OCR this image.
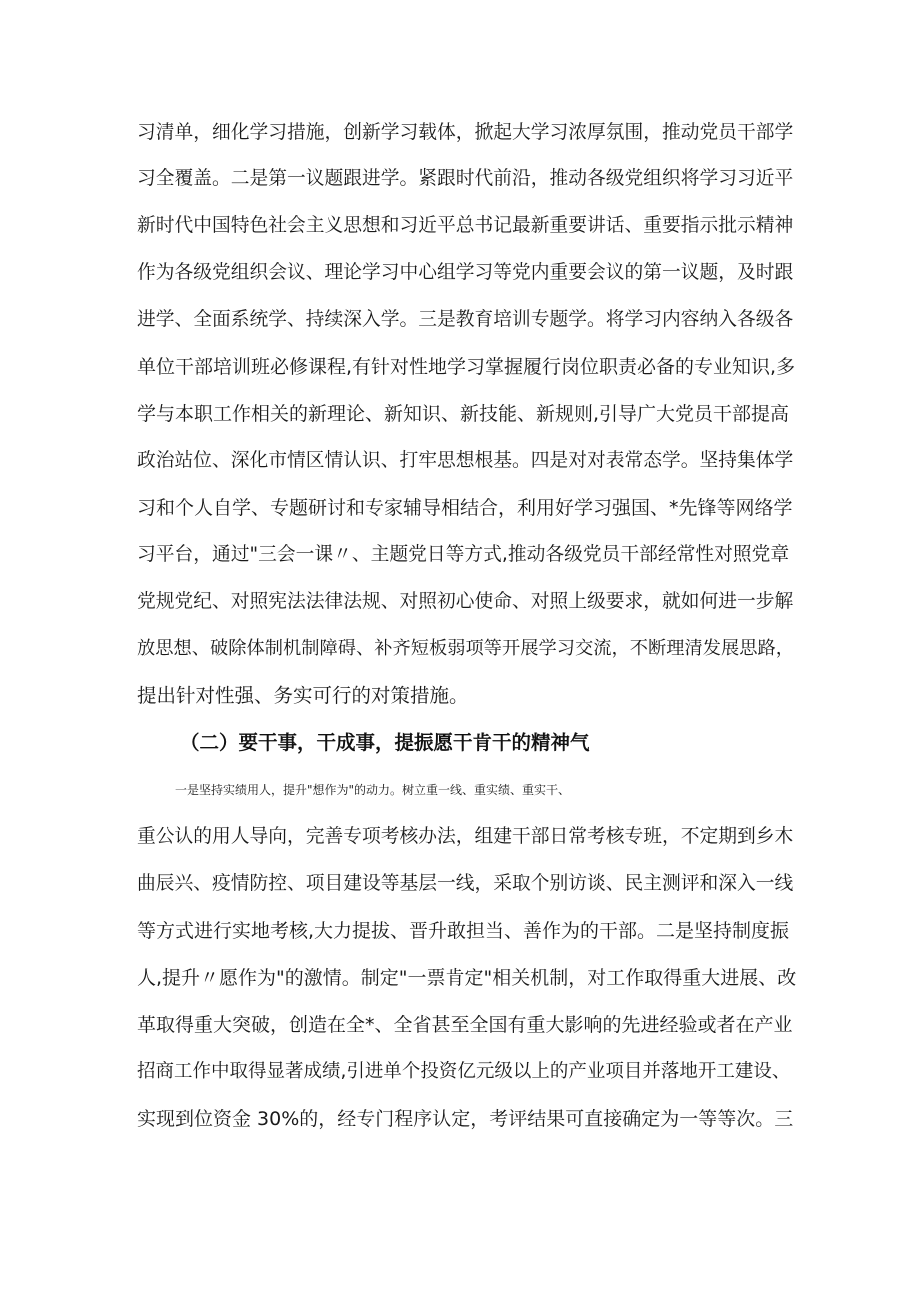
习清单，细化学习措施，创新学习载体，掀起大学习浓厚氛围，推动党员干部学
习全覆盖。二是第一议题跟进学。紧跟时代前沿，推动各级党组织将学习习近平
新时代中国特色社会主义思想和习近平总书记最新重要讲话、重要指示批示精神
作为各级党组织会议、理论学习中心组学习等党内重要会议的第一议题，及时跟
进学、全面系统学、持续深入学。三是教育培训专题学。将学习内容纳入各级各
单位干部培训班必修课程,有针对性地学习掌握履行岗位职责必备的专业知识,多
学与本职工作相关的新理论、新知识、新技能、新规则,引导广大党员干部提高
政治站位、深化市情区情认识、打牢思想根基。四是对对表常态学。坚持集体学
习和个人自学、专题研讨和专家辅导相结合，利用好学习强国、*先锋等网络学
习平台，通过"三会一课〃、主题党日等方式,推动各级党员干部经常性对照党章
党规党纪、对照宪法法律法规、对照初心使命、对照上级要求，就如何进一步解
放思想、破除体制机制障碍、补齐短板弱项等开展学习交流，不断理清发展思路，
提出针对性强、务实可行的对策措施。
（二）要干事，干成事，提振愿干肯干的精神气
一是坚持实绩用人，提升"想作为"的动力。树立重一线、重实绩、重实干、
重公认的用人导向，完善专项考核办法，组建干部日常考核专班，不定期到乡木
曲辰兴、疫情防控、项目建设等基层一线，采取个别访谈、民主测评和深入一线
等方式进行实地考核,大力提拔、晋升敢担当、善作为的干部。二是坚持制度振
人,提升〃愿作为"的激情。制定"一票肯定"相关机制，对工作取得重大进展、改
革取得重大突破，创造在全*、全省甚至全国有重大影响的先进经验或者在产业
招商工作中取得显著成绩,引进单个投资亿元级以上的产业项目并落地开工建设、
实现到位资金 30%的，经专门程序认定，考评结果可直接确定为一等等次。三
